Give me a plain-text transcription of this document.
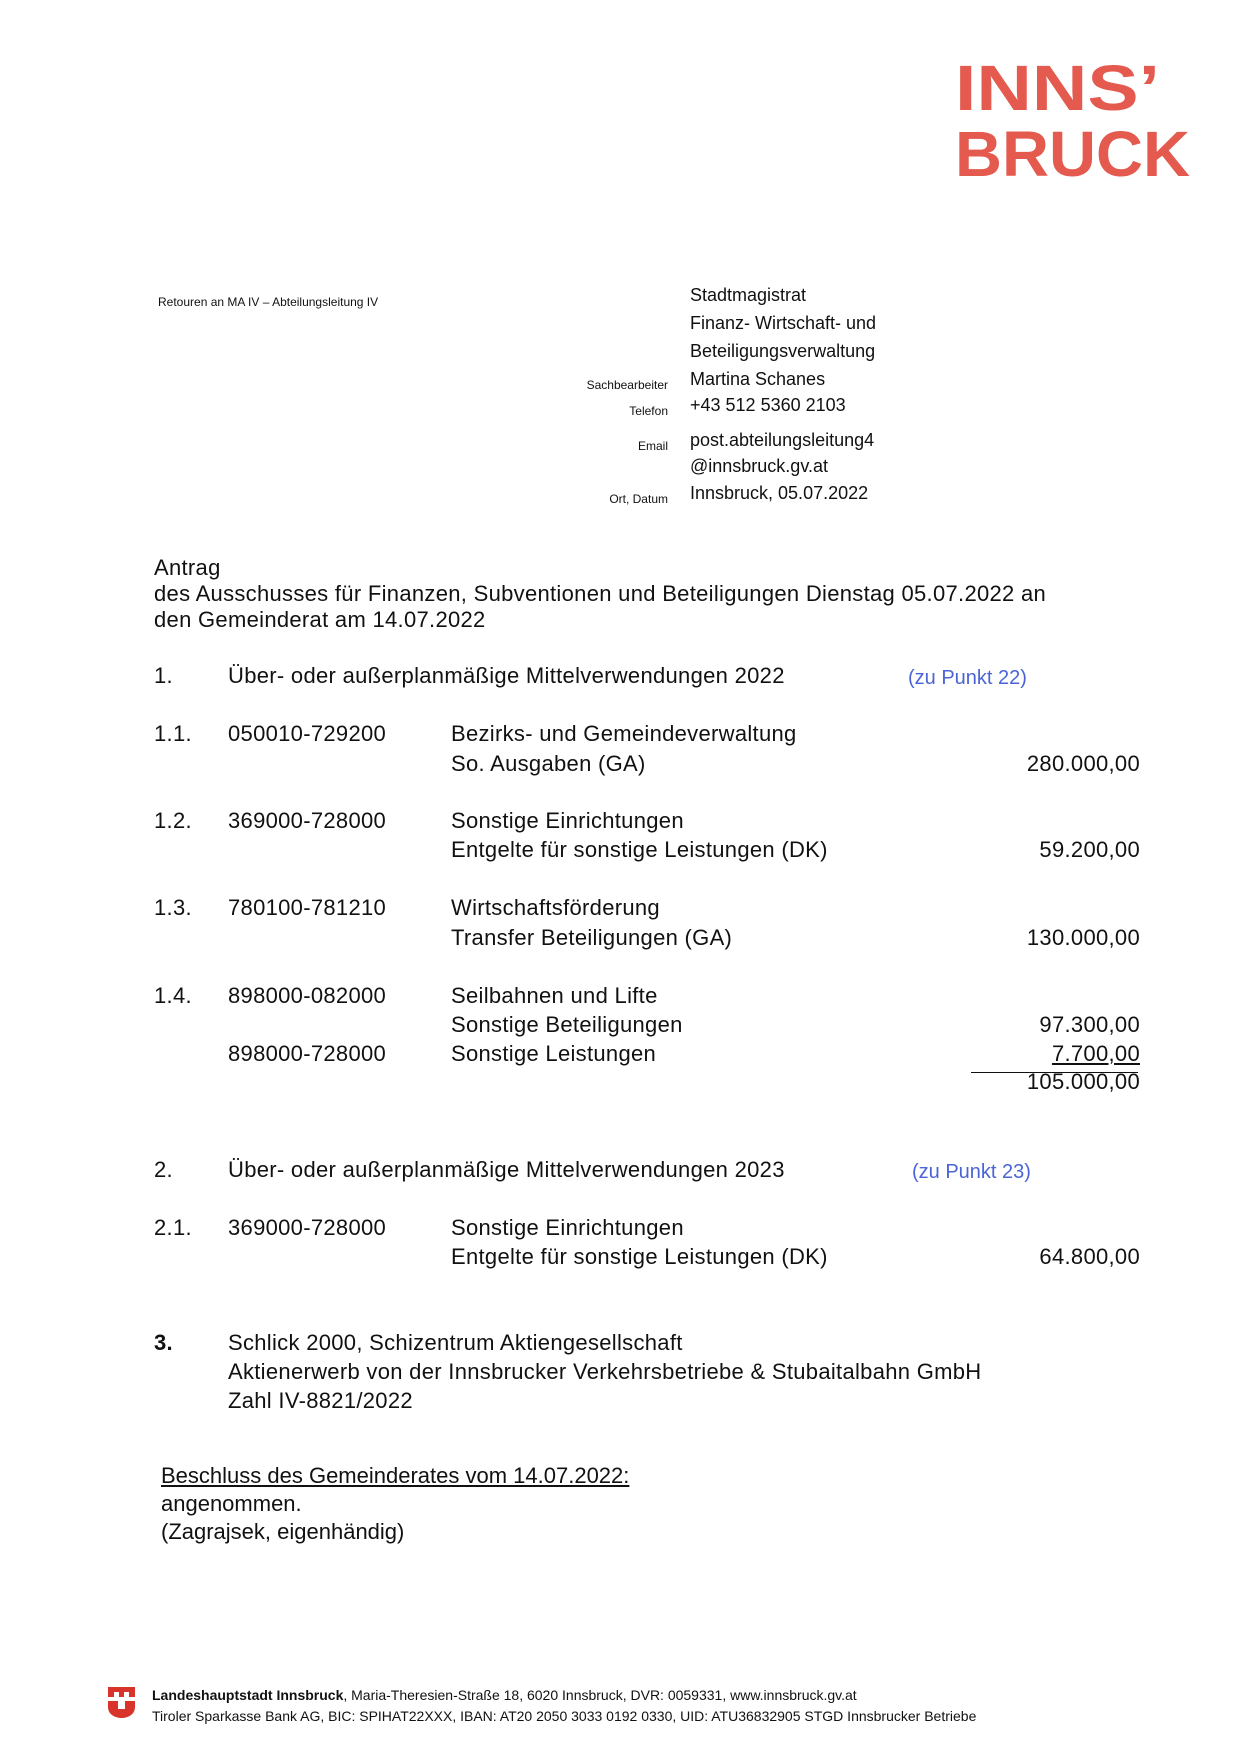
INNS’
BRUCK
Retouren an MA IV – Abteilungsleitung IV	Stadtmagistrat
Finanz- Wirtschaft- und
Beteiligungsverwaltung
Sachbearbeiter Martina Schanes
Telefon +43 512 5360 2103
Email post.abteilungsleitung4
@innsbruck.gv.at
Ort, Datum Innsbruck, 05.07.2022
Antrag
des Ausschusses für Finanzen, Subventionen und Beteiligungen Dienstag 05.07.2022 an
den Gemeinderat am 14.07.2022
1.	Über- oder außerplanmäßige Mittelverwendungen 2022	(zu Punkt 22)
1.1. 050010-729200	Bezirks- und Gemeindeverwaltung
So. Ausgaben (GA)	280.000,00
1.2. 369000-728000	Sonstige Einrichtungen
Entgelte für sonstige Leistungen (DK)	59.200,00
1.3. 780100-781210	Wirtschaftsförderung
Transfer Beteiligungen (GA)	130.000,00
1.4. 898000-082000	Seilbahnen und Lifte
Sonstige Beteiligungen	97.300,00
898000-728000	Sonstige Leistungen	7.700,00
105.000,00
2.	Über- oder außerplanmäßige Mittelverwendungen 2023	(zu Punkt 23)
2.1. 369000-728000	Sonstige Einrichtungen
Entgelte für sonstige Leistungen (DK)	64.800,00
3.	Schlick 2000, Schizentrum Aktiengesellschaft
Aktienerwerb von der Innsbrucker Verkehrsbetriebe & Stubaitalbahn GmbH
Zahl IV-8821/2022
Beschluss des Gemeinderates vom 14.07.2022:
angenommen.
(Zagrajsek, eigenhändig)
Landeshauptstadt Innsbruck, Maria-Theresien-Straße 18, 6020 Innsbruck, DVR: 0059331, www.innsbruck.gv.at
Tiroler Sparkasse Bank AG, BIC: SPIHAT22XXX, IBAN: AT20 2050 3033 0192 0330, UID: ATU36832905 STGD Innsbrucker Betriebe
